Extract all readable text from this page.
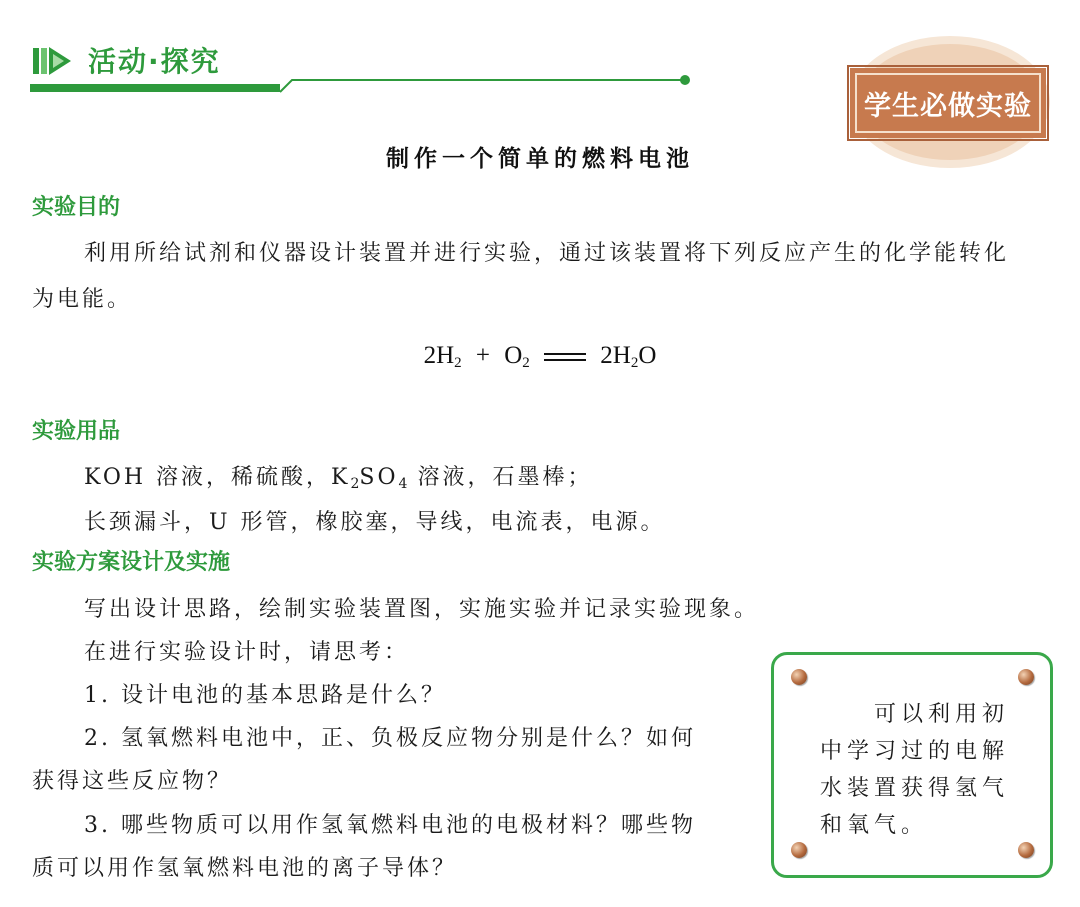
活动·探究
学生必做实验
制作一个简单的燃料电池
实验目的
利用所给试剂和仪器设计装置并进行实验，通过该装置将下列反应产生的化学能转化
为电能。
$2H_2 + O_2$	$2H_2O$
实验用品
KOH 溶液，稀硫酸，K2SO4 溶液，石墨棒；
长颈漏斗，U 形管，橡胶塞，导线，电流表，电源。
实验方案设计及实施
写出设计思路，绘制实验装置图，实施实验并记录实验现象。
在进行实验设计时，请思考：
1. 设计电池的基本思路是什么？
2. 氢氧燃料电池中，正、负极反应物分别是什么？如何
获得这些反应物？
3. 哪些物质可以用作氢氧燃料电池的电极材料？哪些物
质可以用作氢氧燃料电池的离子导体？
可以利用初
中学习过的电解
水装置获得氢气
和氧气。
